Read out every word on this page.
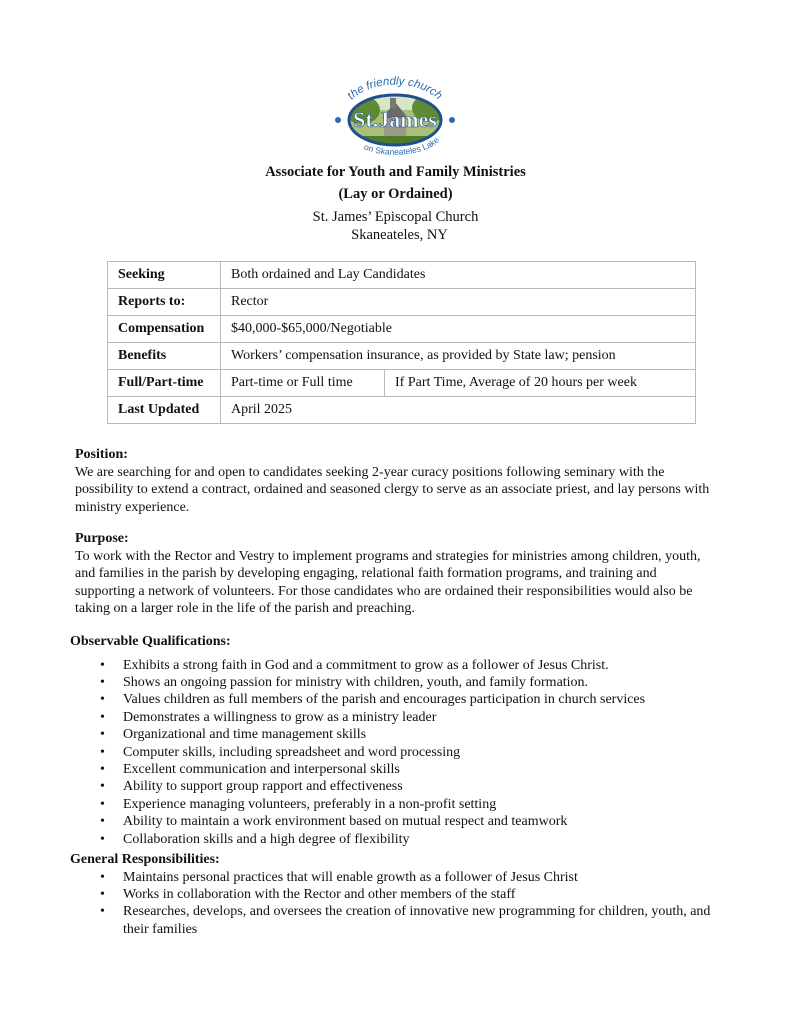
the friendly church
St.James
on Skaneateles Lake
Associate for Youth and Family Ministries
(Lay or Ordained)
St. James’ Episcopal Church
Skaneateles, NY
Seeking	Both ordained and Lay Candidates	
Reports to:	Rector	
Compensation	$40,000-$65,000/Negotiable	
Benefits	Workers’ compensation insurance, as provided by State law; pension	
Full/Part-time	Part-time or Full time	If Part Time, Average of 20 hours per week
Last Updated	April 2025	
Position:

We are searching for and open to candidates seeking 2-year curacy positions following seminary with the possibility to extend a contract, ordained and seasoned clergy to serve as an associate priest, and lay persons with ministry experience.

Purpose:

To work with the Rector and Vestry to implement programs and strategies for ministries among children, youth, and families in the parish by developing engaging, relational faith formation programs, and training and supporting a network of volunteers. For those candidates who are ordained their responsibilities would also be taking on a larger role in the life of the parish and preaching.

Observable Qualifications:
• Exhibits a strong faith in God and a commitment to grow as a follower of Jesus Christ.
• Shows an ongoing passion for ministry with children, youth, and family formation.
• Values children as full members of the parish and encourages participation in church services
• Demonstrates a willingness to grow as a ministry leader
• Organizational and time management skills
• Computer skills, including spreadsheet and word processing
• Excellent communication and interpersonal skills
• Ability to support group rapport and effectiveness
• Experience managing volunteers, preferably in a non-profit setting
• Ability to maintain a work environment based on mutual respect and teamwork
• Collaboration skills and a high degree of flexibility
General Responsibilities:
• Maintains personal practices that will enable growth as a follower of Jesus Christ
• Works in collaboration with the Rector and other members of the staff
• Researches, develops, and oversees the creation of innovative new programming for children, youth, and their families
